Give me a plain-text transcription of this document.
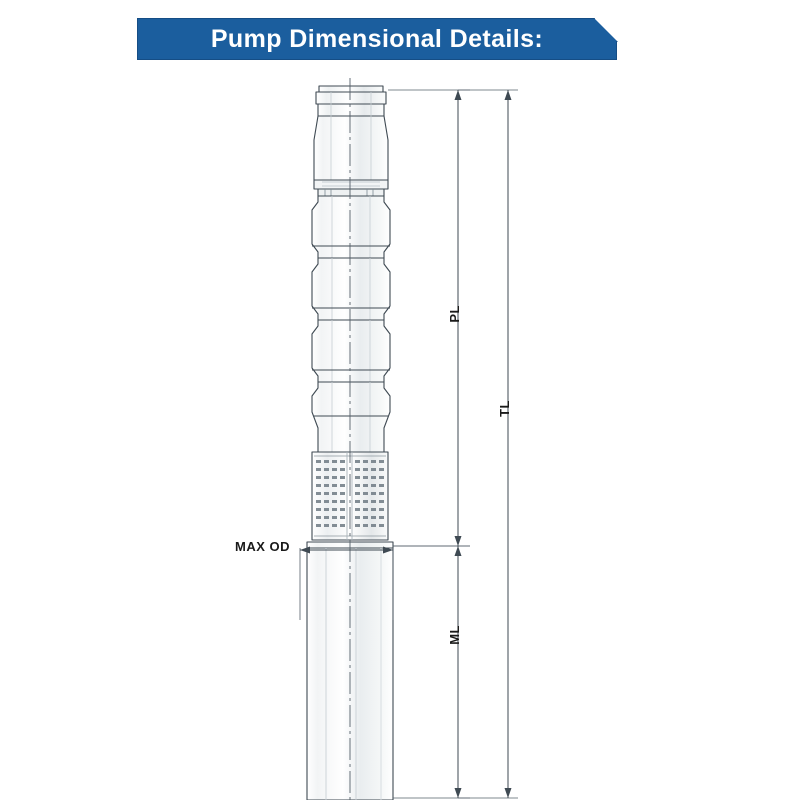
Pump Dimensional Details:
PL
TL
ML
MAX OD
